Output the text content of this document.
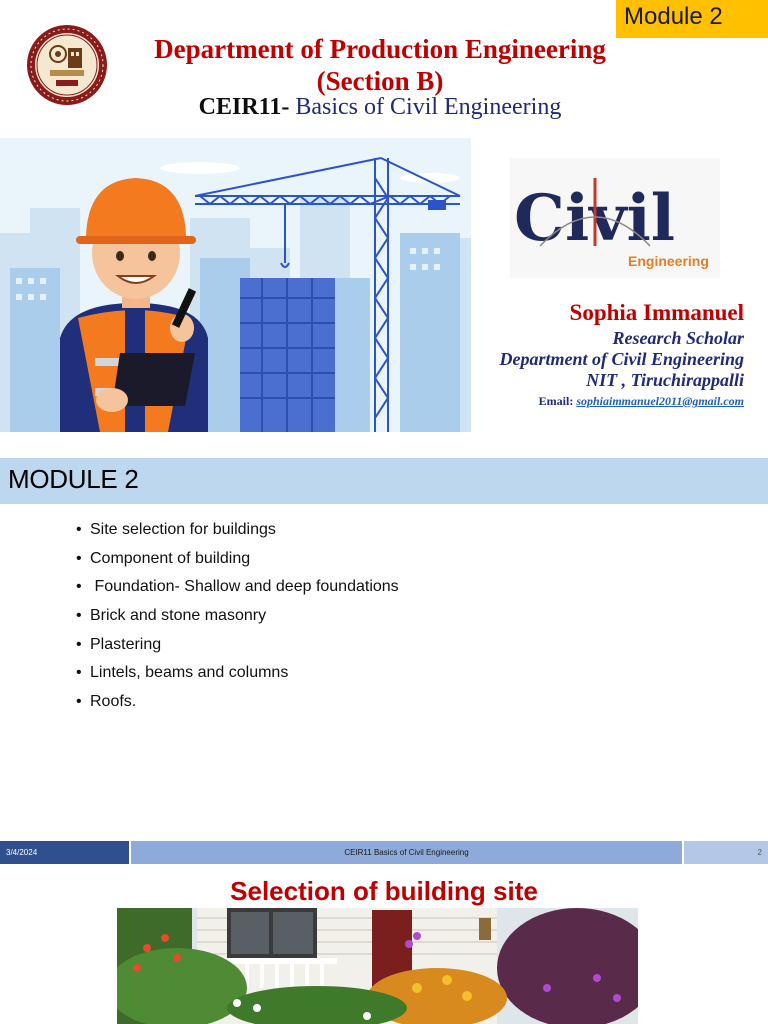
Module 2
Department of Production Engineering
(Section B)
CEIR11- Basics of Civil Engineering
Civil
Engineering
Sophia Immanuel
Research Scholar
Department of Civil Engineering
NIT , Tiruchirappalli
Email: sophiaimmanuel2011@gmail.com
MODULE 2
• Site selection for buildings
• Component of building
• Foundation- Shallow and deep foundations
• Brick and stone masonry
• Plastering
• Lintels, beams and columns
• Roofs.
3/4/2024	CEIR11 Basics of Civil Engineering	2
Selection of building site
